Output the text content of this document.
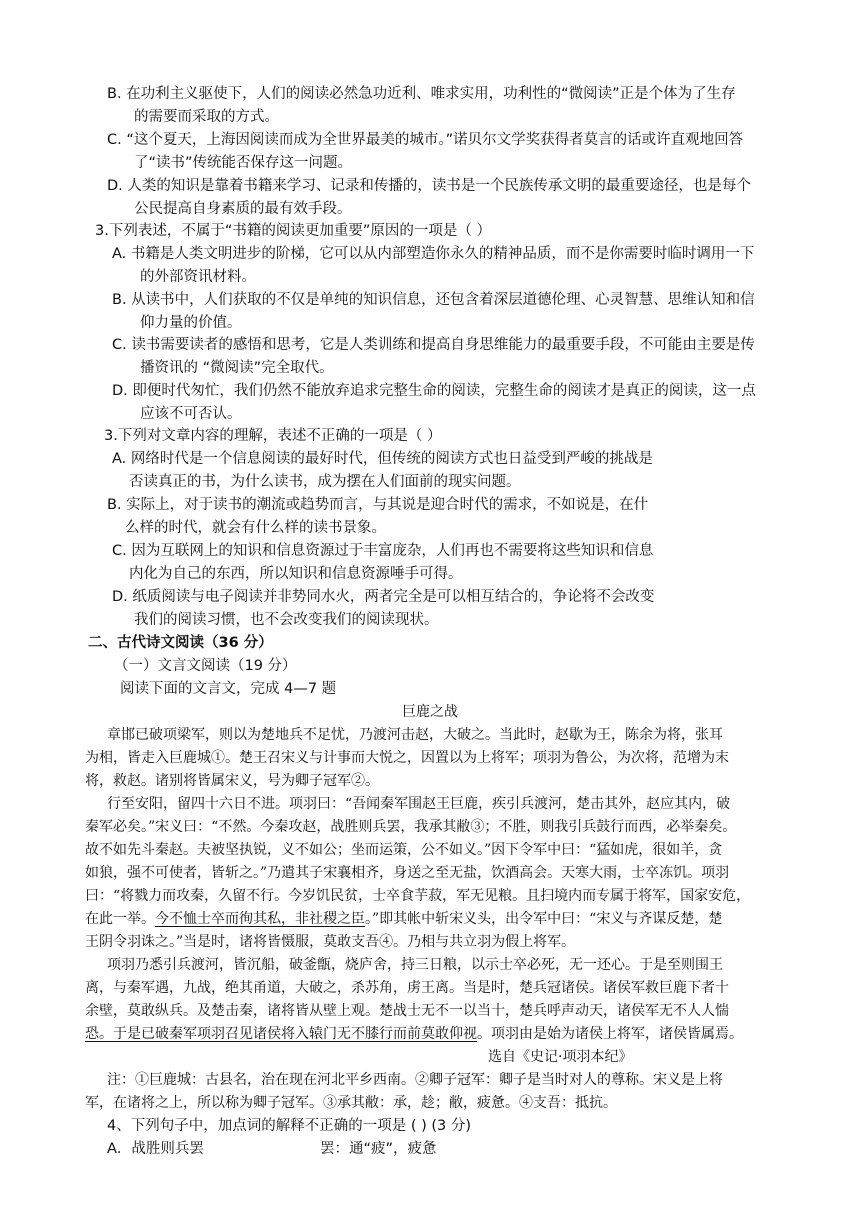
B. 在功利主义驱使下，人们的阅读必然急功近利、唯求实用，功利性的“微阅读”正是个体为了生存
的需要而采取的方式。
C. “这个夏天，上海因阅读而成为全世界最美的城市。”诺贝尔文学奖获得者莫言的话或许直观地回答
了“读书”传统能否保存这一问题。
D. 人类的知识是靠着书籍来学习、记录和传播的，读书是一个民族传承文明的最重要途径，也是每个
公民提高自身素质的最有效手段。
3.下列表述，不属于“书籍的阅读更加重要”原因的一项是（ ）
A. 书籍是人类文明进步的阶梯，它可以从内部塑造你永久的精神品质，而不是你需要时临时调用一下
的外部资讯材料。
B. 从读书中，人们获取的不仅是单纯的知识信息，还包含着深层道德伦理、心灵智慧、思维认知和信
仰力量的价值。
C. 读书需要读者的感悟和思考，它是人类训练和提高自身思维能力的最重要手段，不可能由主要是传
播资讯的 “微阅读”完全取代。
D. 即便时代匆忙，我们仍然不能放弃追求完整生命的阅读，完整生命的阅读才是真正的阅读，这一点
应该不可否认。
3.下列对文章内容的理解，表述不正确的一项是（ ）
A. 网络时代是一个信息阅读的最好时代，但传统的阅读方式也日益受到严峻的挑战是
否读真正的书，为什么读书，成为摆在人们面前的现实问题。
B. 实际上，对于读书的潮流或趋势而言，与其说是迎合时代的需求，不如说是，在什
么样的时代，就会有什么样的读书景象。
C. 因为互联网上的知识和信息资源过于丰富庞杂，人们再也不需要将这些知识和信息
内化为自己的东西，所以知识和信息资源唾手可得。
D. 纸质阅读与电子阅读并非势同水火，两者完全是可以相互结合的，争论将不会改变
我们的阅读习惯，也不会改变我们的阅读现状。
二、古代诗文阅读（36 分）
（一）文言文阅读（19 分）
阅读下面的文言文，完成 4—7 题
巨鹿之战
章邯已破项梁军，则以为楚地兵不足忧，乃渡河击赵，大破之。当此时，赵歇为王，陈余为将，张耳
为相，皆走入巨鹿城①。楚王召宋义与计事而大悦之，因置以为上将军；项羽为鲁公，为次将，范增为末
将，救赵。诸别将皆属宋义，号为卿子冠军②。
行至安阳，留四十六日不进。项羽曰：“吾闻秦军围赵王巨鹿，疾引兵渡河，楚击其外，赵应其内，破
秦军必矣。”宋义曰：“不然。今秦攻赵，战胜则兵罢，我承其敝③；不胜，则我引兵鼓行而西，必举秦矣。
故不如先斗秦赵。夫被坚执锐，义不如公；坐而运策，公不如义。”因下令军中曰：“猛如虎，很如羊，贪
如狼，强不可使者，皆斩之。”乃遣其子宋襄相齐，身送之至无盐，饮酒高会。天寒大雨，士卒冻饥。项羽
曰：“将戮力而攻秦，久留不行。今岁饥民贫，士卒食芋菽，军无见粮。且扫境内而专属于将军，国家安危，
在此一举。今不恤士卒而徇其私，非社稷之臣。”即其帐中斩宋义头，出令军中曰：“宋义与齐谋反楚，楚
王阴令羽诛之。”当是时，诸将皆慑服，莫敢支吾④。乃相与共立羽为假上将军。
项羽乃悉引兵渡河，皆沉船，破釜甑，烧庐舍，持三日粮，以示士卒必死，无一还心。于是至则围王
离，与秦军遇，九战，绝其甬道，大破之，杀苏角，虏王离。当是时，楚兵冠诸侯。诸侯军救巨鹿下者十
余壁，莫敢纵兵。及楚击秦，诸将皆从壁上观。楚战士无不一以当十，楚兵呼声动天，诸侯军无不人人惴
恐。于是已破秦军项羽召见诸侯将入辕门无不膝行而前莫敢仰视。项羽由是始为诸侯上将军，诸侯皆属焉。
选自《史记·项羽本纪》
注：①巨鹿城：古县名，治在现在河北平乡西南。②卿子冠军：卿子是当时对人的尊称。宋义是上将
军，在诸将之上，所以称为卿子冠军。③承其敝：承，趁；敝，疲惫。④支吾：抵抗。
4、下列句子中，加点词的解释不正确的一项是 ( ) (3 分)
A．战胜则兵罢	罢：通“疲”，疲惫
